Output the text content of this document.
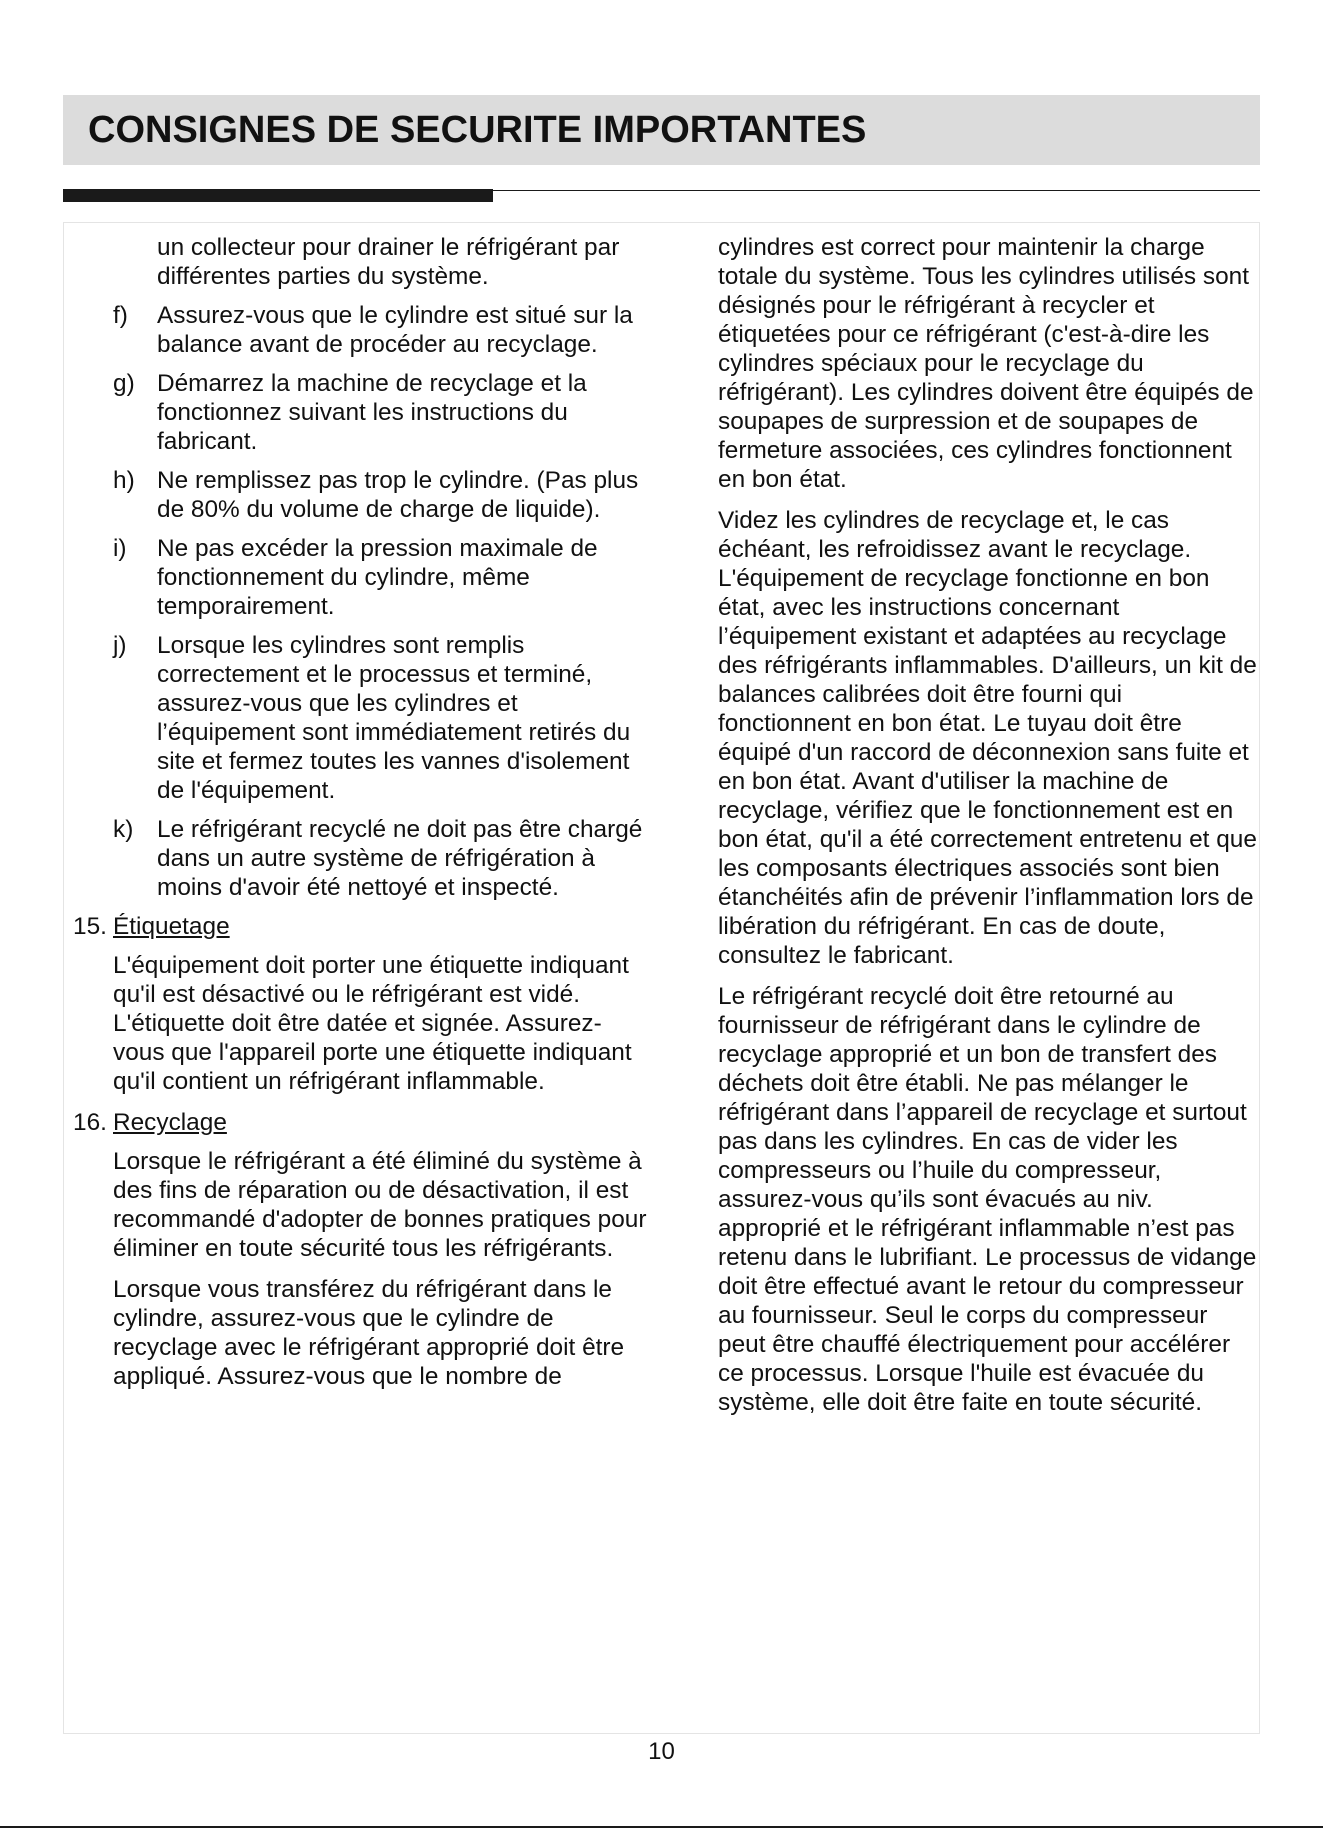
CONSIGNES DE SECURITE IMPORTANTES

un collecteur pour drainer le réfrigérant par différentes parties du système.

f)	Assurez-vous que le cylindre est situé sur la balance avant de procéder au recyclage.
g) Démarrez la machine de recyclage et la fonctionnez suivant les instructions du fabricant.
h) Ne remplissez pas trop le cylindre. (Pas plus de 80% du volume de charge de liquide).
i)	Ne pas excéder la pression maximale de fonctionnement du cylindre, même temporairement.
j)	Lorsque les cylindres sont remplis correctement et le processus et terminé, assurez-vous que les cylindres et l’équipement sont immédiatement retirés du site et fermez toutes les vannes d'isolement de l'équipement.
k) Le réfrigérant recyclé ne doit pas être chargé dans un autre système de réfrigération à moins d'avoir été nettoyé et inspecté.
15. Étiquetage

L'équipement doit porter une étiquette indiquant qu'il est désactivé ou le réfrigérant est vidé. L'étiquette doit être datée et signée. Assurez-vous que l'appareil porte une étiquette indiquant qu'il contient un réfrigérant inflammable.

16. Recyclage

Lorsque le réfrigérant a été éliminé du système à des fins de réparation ou de désactivation, il est recommandé d'adopter de bonnes pratiques pour éliminer en toute sécurité tous les réfrigérants.

Lorsque vous transférez du réfrigérant dans le cylindre, assurez-vous que le cylindre de recyclage avec le réfrigérant approprié doit être appliqué. Assurez-vous que le nombre de

cylindres est correct pour maintenir la charge totale du système. Tous les cylindres utilisés sont désignés pour le réfrigérant à recycler et étiquetées pour ce réfrigérant (c'est-à-dire les cylindres spéciaux pour le recyclage du réfrigérant). Les cylindres doivent être équipés de soupapes de surpression et de soupapes de fermeture associées, ces cylindres fonctionnent en bon état.

Videz les cylindres de recyclage et, le cas échéant, les refroidissez avant le recyclage. L'équipement de recyclage fonctionne en bon état, avec les instructions concernant l’équipement existant et adaptées au recyclage des réfrigérants inflammables. D'ailleurs, un kit de balances calibrées doit être fourni qui fonctionnent en bon état. Le tuyau doit être équipé d'un raccord de déconnexion sans fuite et en bon état. Avant d'utiliser la machine de recyclage, vérifiez que le fonctionnement est en bon état, qu'il a été correctement entretenu et que les composants électriques associés sont bien étanchéités afin de prévenir l’inflammation lors de libération du réfrigérant. En cas de doute, consultez le fabricant.

Le réfrigérant recyclé doit être retourné au fournisseur de réfrigérant dans le cylindre de recyclage approprié et un bon de transfert des déchets doit être établi. Ne pas mélanger le réfrigérant dans l’appareil de recyclage et surtout pas dans les cylindres. En cas de vider les compresseurs ou l’huile du compresseur, assurez-vous qu’ils sont évacués au niv. approprié et le réfrigérant inflammable n’est pas retenu dans le lubrifiant. Le processus de vidange doit être effectué avant le retour du compresseur au fournisseur. Seul le corps du compresseur peut être chauffé électriquement pour accélérer ce processus. Lorsque l'huile est évacuée du système, elle doit être faite en toute sécurité.

10
